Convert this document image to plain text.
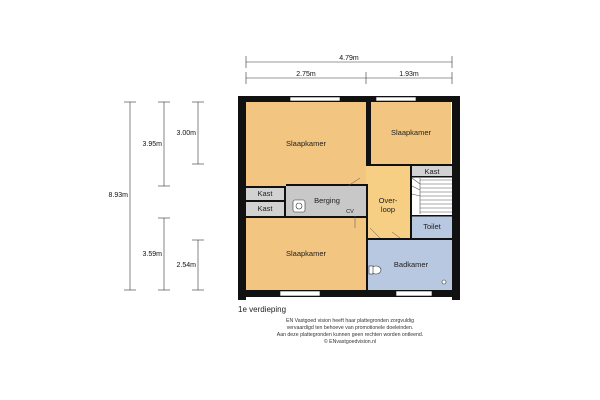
4.79m
2.75m	1.93m
8.93m
3.95m
3.00m
3.59m
2.54m
Slaapkamer
Slaapkamer
Slaapkamer
Kast
Kast
Kast
Berging
CV
Over-
loop
Toilet
Badkamer
1e verdieping
EN Vastgoed vision heeft haar plattegronden zorgvuldig
vervaardigd ten behoeve van promotionele doeleinden.
Aan deze plattegronden kunnen geen rechten worden ontleend.
© ENvastgoedvision.nl
